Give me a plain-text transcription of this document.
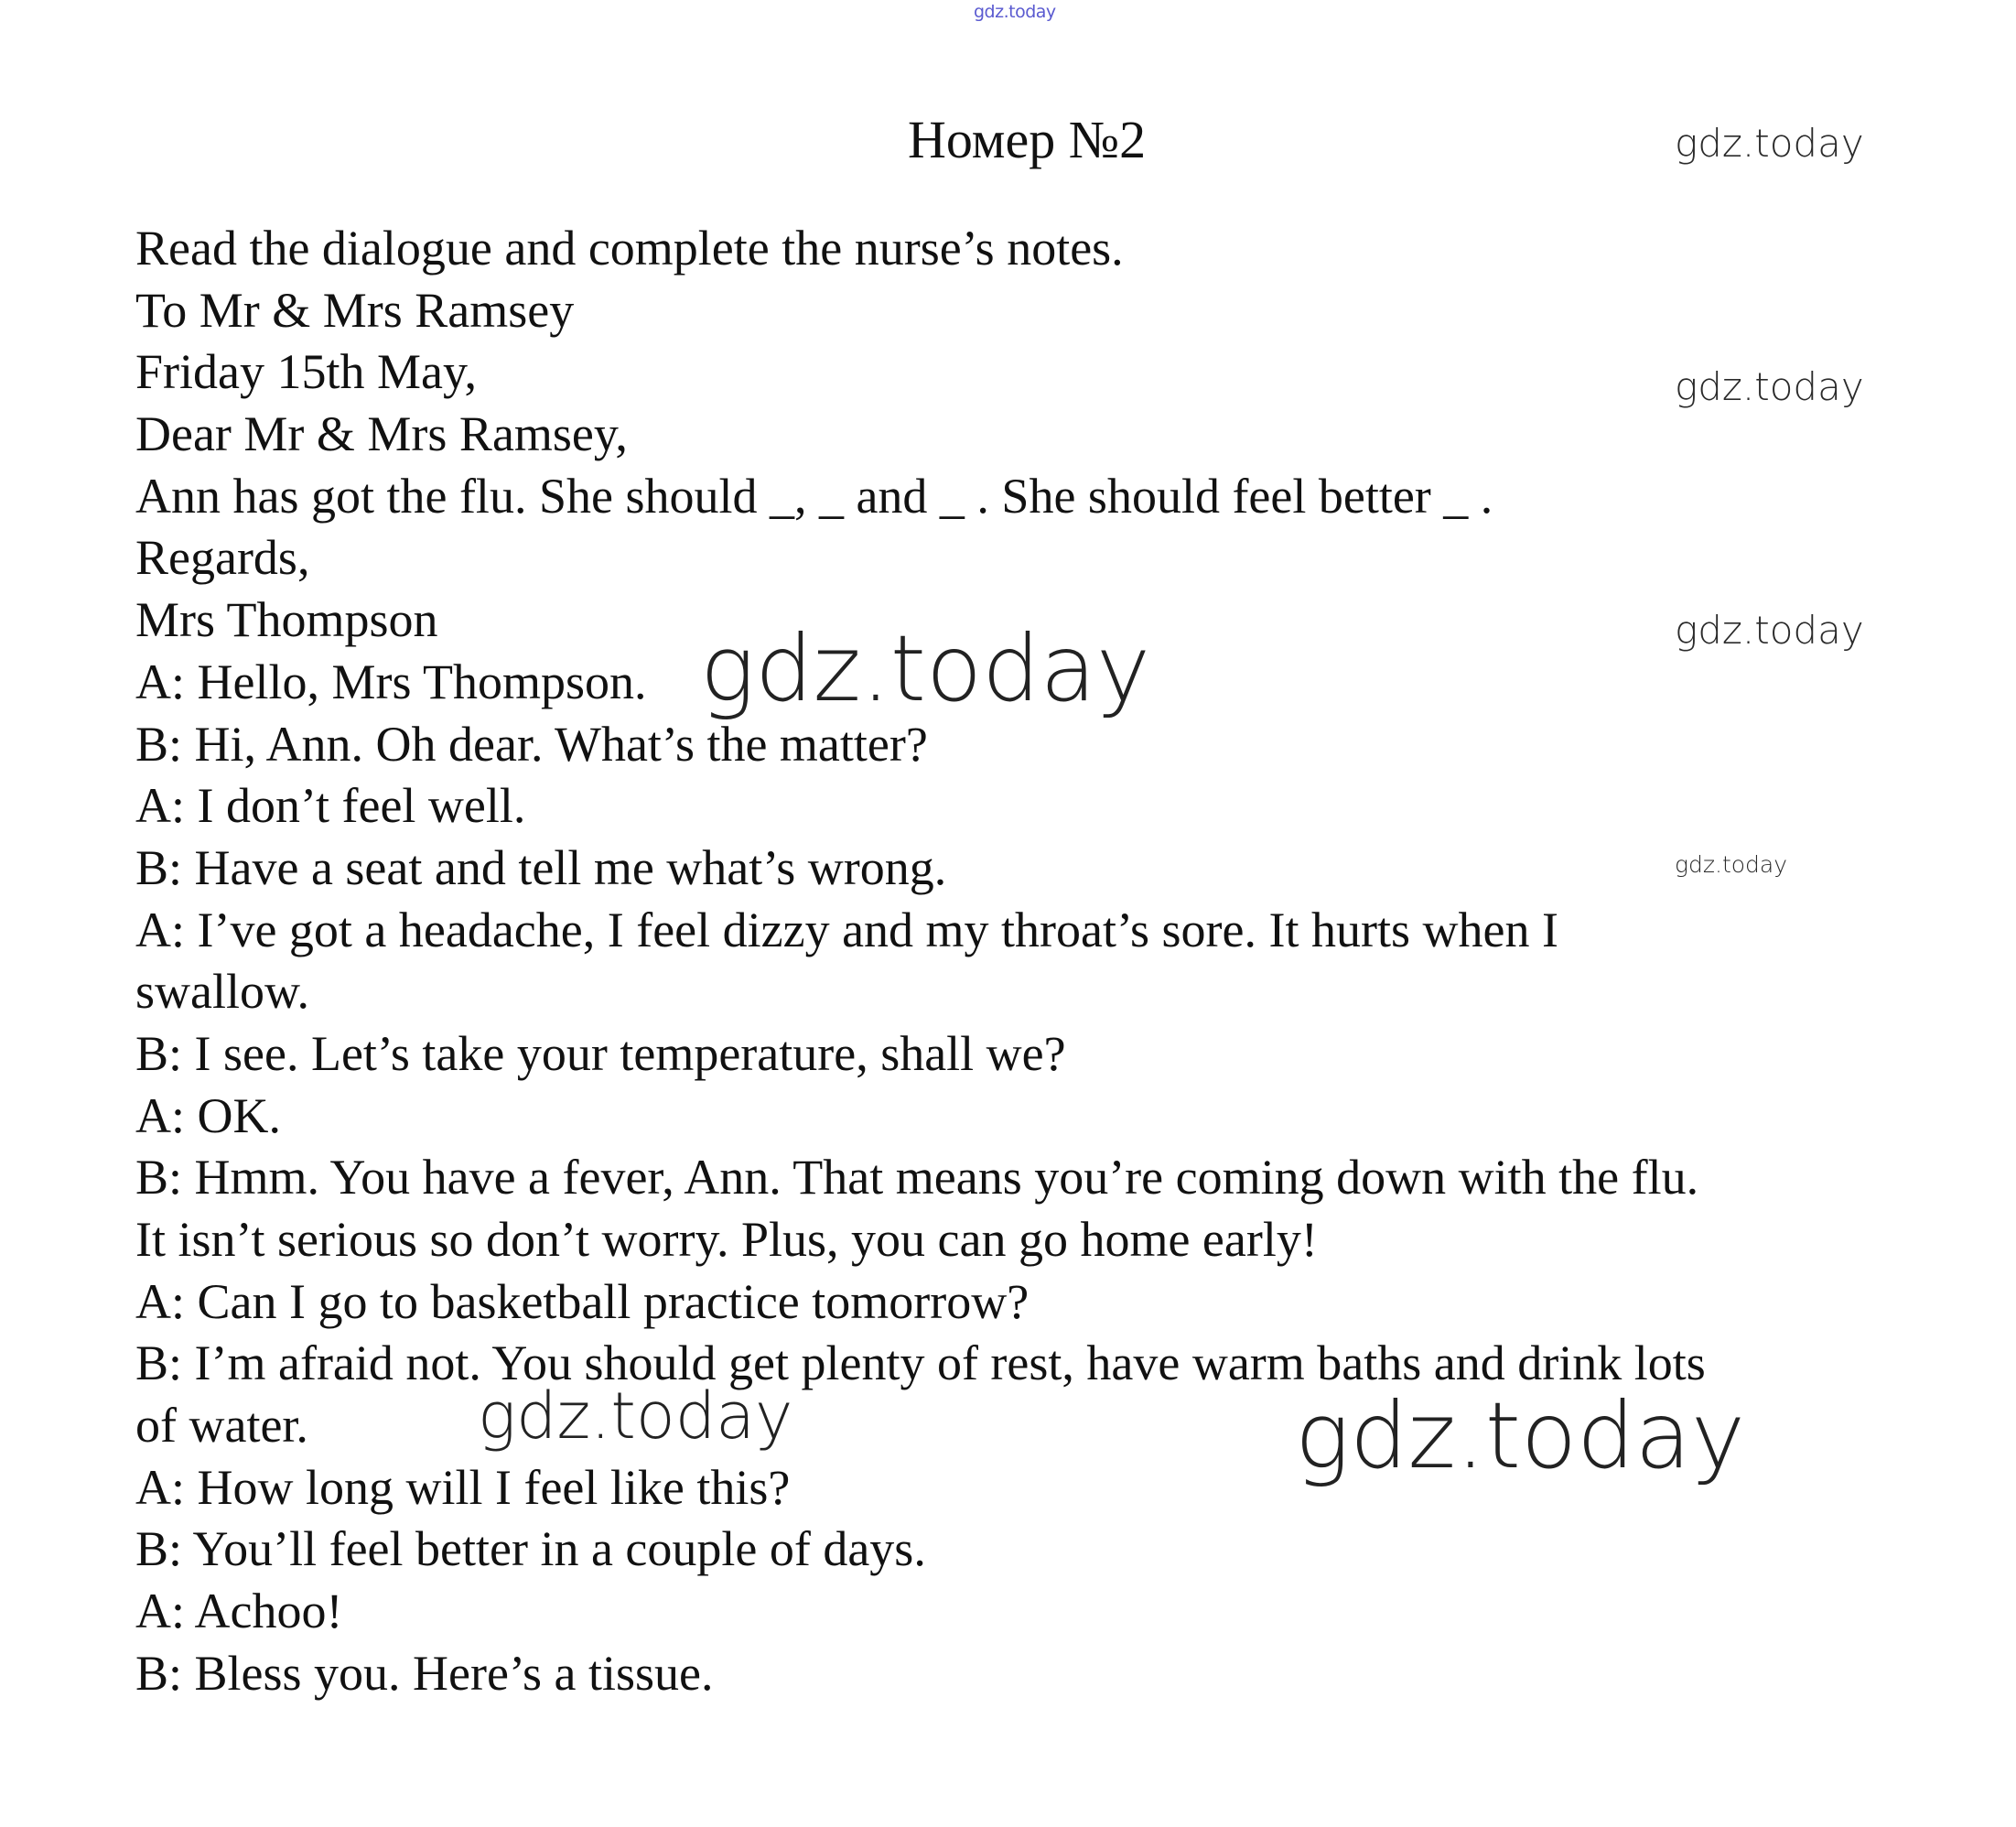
gdz.today
Номер №2	gdz.today
gdz.today
gdz.today
gdz.today
Read the dialogue and complete the nurse’s notes.
To Mr & Mrs Ramsey
Friday 15th May,
Dear Mr & Mrs Ramsey,
Ann has got the flu. She should _, _ and _ . She should feel better _ .
Regards,
Mrs Thompson
A: Hello, Mrs Thompson.
B: Hi, Ann. Oh dear. What’s the matter?
A: I don’t feel well.
B: Have a seat and tell me what’s wrong.
A: I’ve got a headache, I feel dizzy and my throat’s sore. It hurts when I
swallow.
B: I see. Let’s take your temperature, shall we?
A: OK.
B: Hmm. You have a fever, Ann. That means you’re coming down with the flu.
It isn’t serious so don’t worry. Plus, you can go home early!
A: Can I go to basketball practice tomorrow?
B: I’m afraid not. You should get plenty of rest, have warm baths and drink lots
of water.
A: How long will I feel like this?
B: You’ll feel better in a couple of days.
A: Achoo!
B: Bless you. Here’s a tissue.
gdz.today
gdz.today	gdz.today
